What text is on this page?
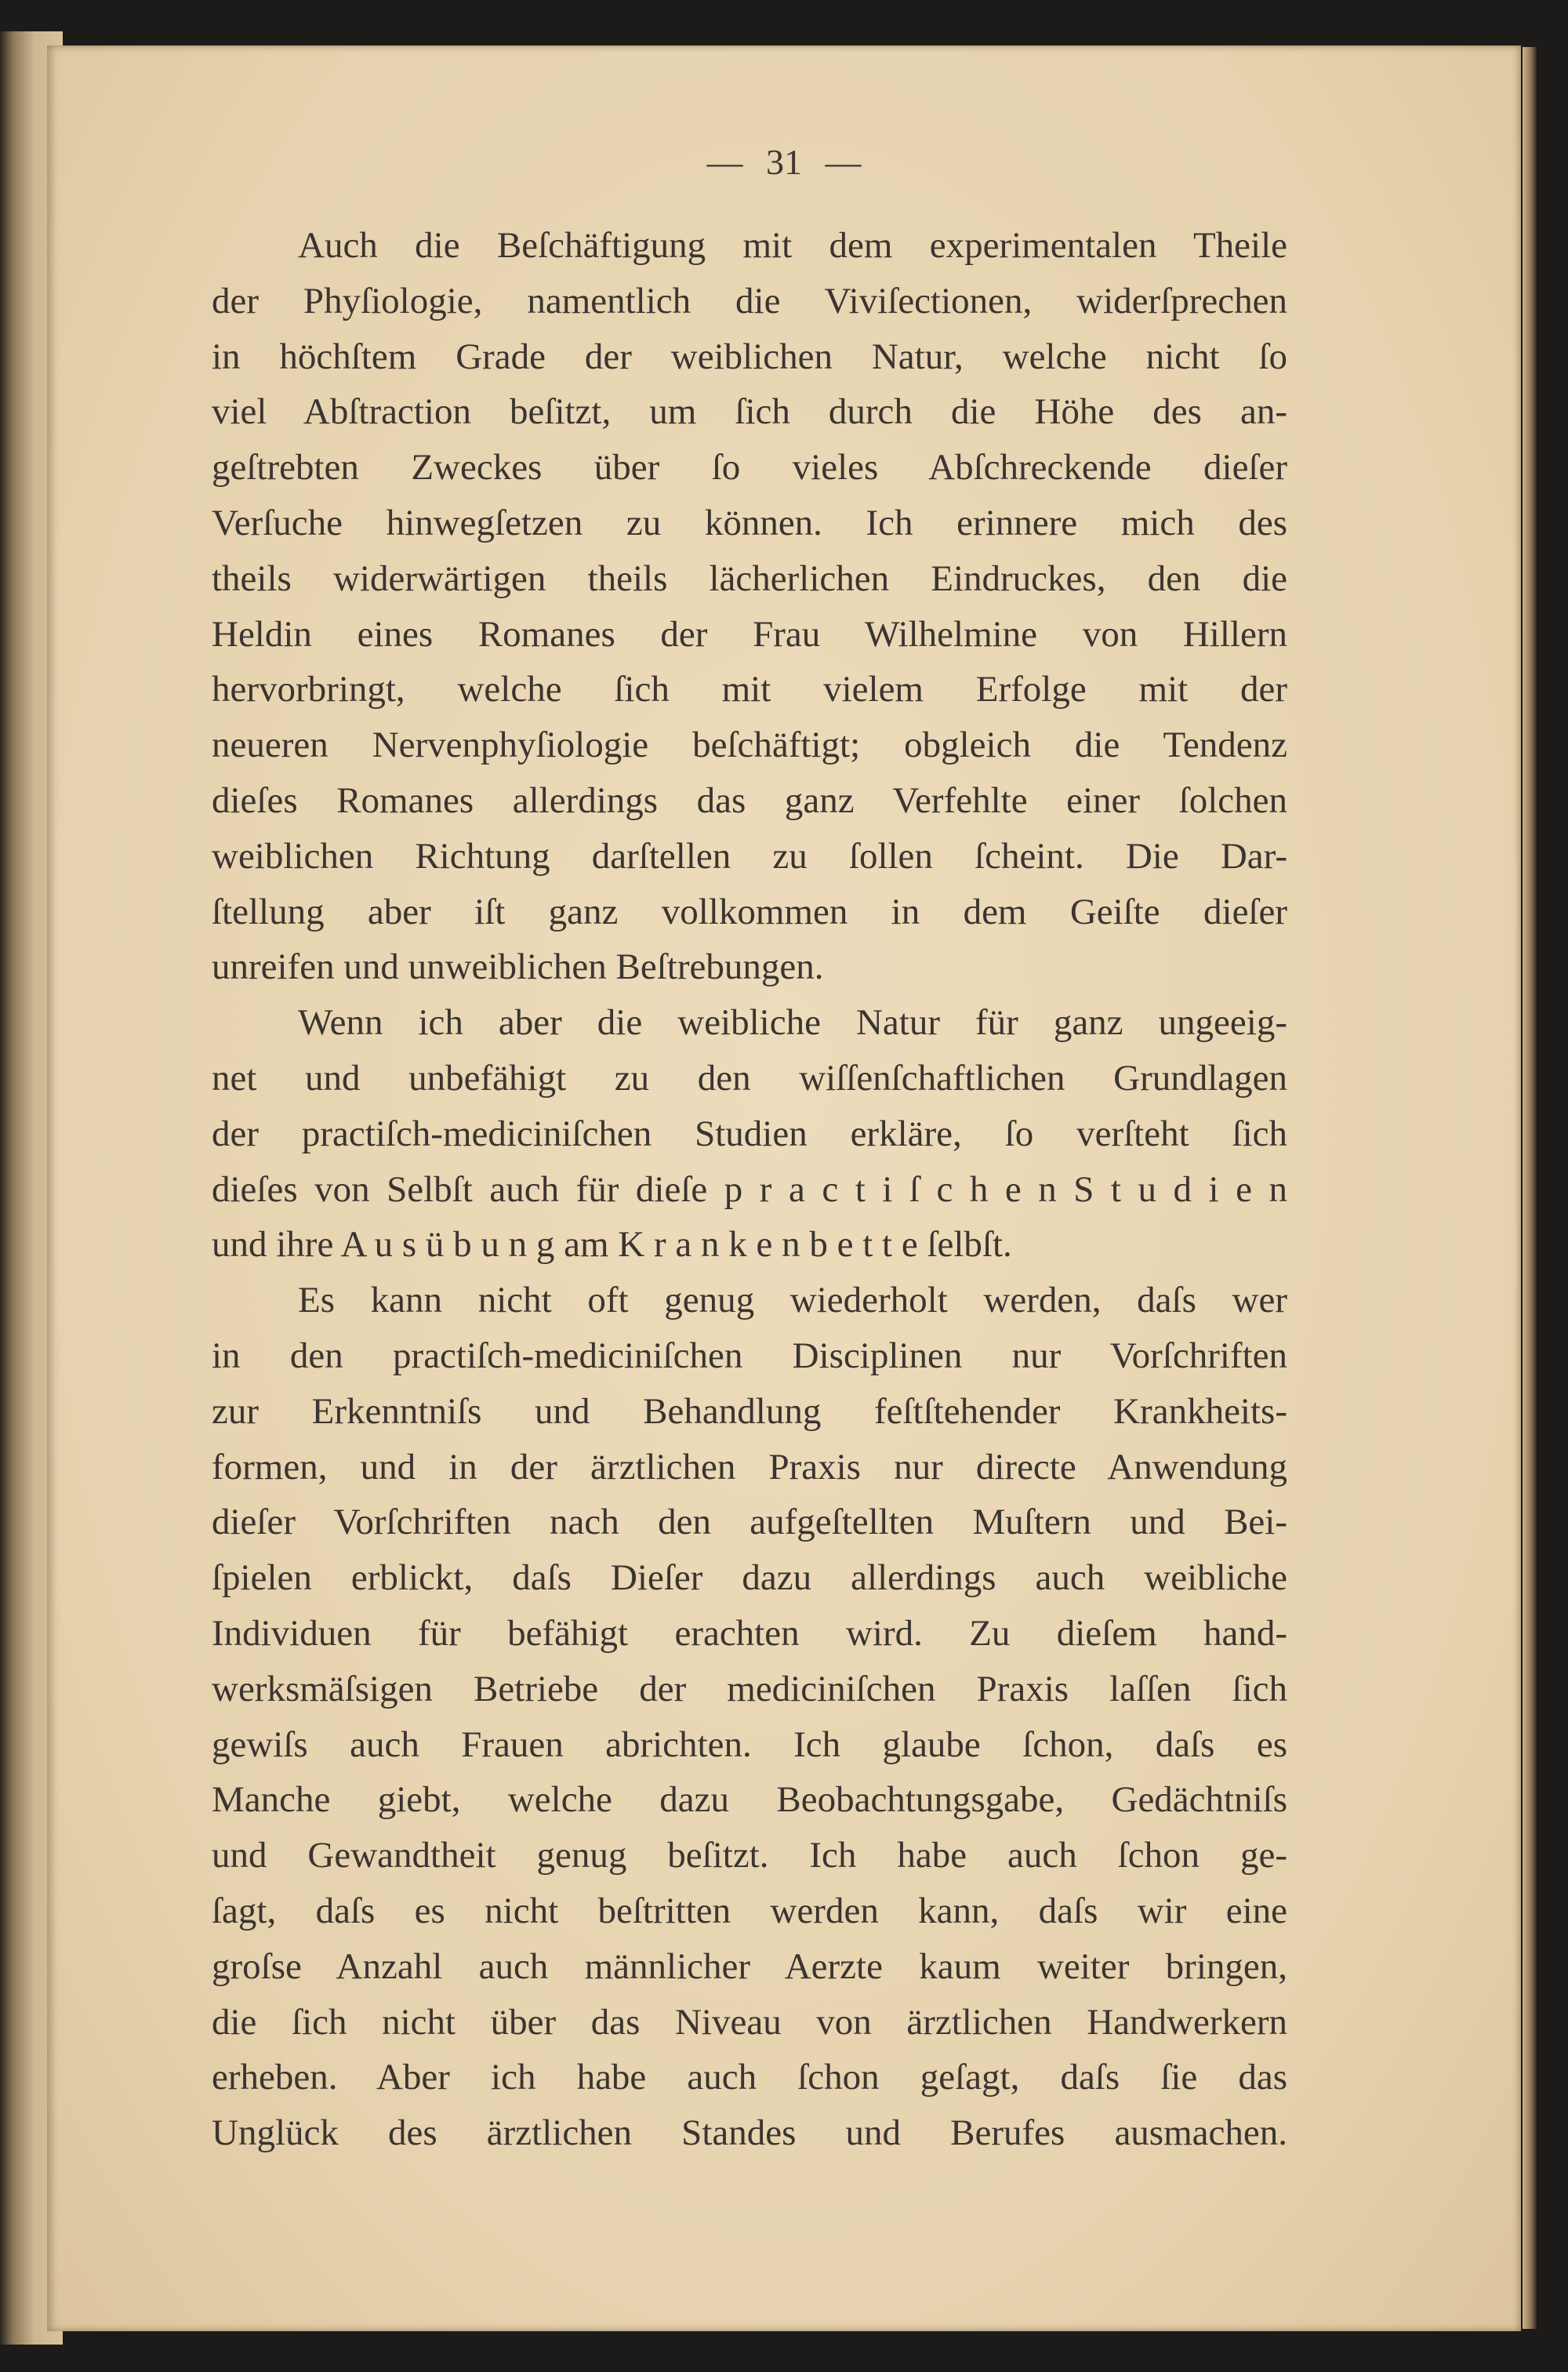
— 31 —
Auch die Beſchäftigung mit dem experimentalen Theile
der Phyſiologie, namentlich die Viviſectionen, widerſprechen
in höchſtem Grade der weiblichen Natur, welche nicht ſo
viel Abſtraction beſitzt, um ſich durch die Höhe des an-
geſtrebten Zweckes über ſo vieles Abſchreckende dieſer
Verſuche hinwegſetzen zu können. Ich erinnere mich des
theils widerwärtigen theils lächerlichen Eindruckes, den die
Heldin eines Romanes der Frau Wilhelmine von Hillern
hervorbringt, welche ſich mit vielem Erfolge mit der
neueren Nervenphyſiologie beſchäftigt; obgleich die Tendenz
dieſes Romanes allerdings das ganz Verfehlte einer ſolchen
weiblichen Richtung darſtellen zu ſollen ſcheint. Die Dar-
ſtellung aber iſt ganz vollkommen in dem Geiſte dieſer
unreifen und unweiblichen Beſtrebungen.
Wenn ich aber die weibliche Natur für ganz ungeeig-
net und unbefähigt zu den wiſſenſchaftlichen Grundlagen
der practiſch-mediciniſchen Studien erkläre, ſo verſteht ſich
dieſes von Selbſt auch für dieſe p r a c t i ſ c h e n S t u d i e n
und ihre A u s ü b u n g am K r a n k e n b e t t e ſelbſt.
Es kann nicht oft genug wiederholt werden, daſs wer
in den practiſch-mediciniſchen Disciplinen nur Vorſchriften
zur Erkenntniſs und Behandlung feſtſtehender Krankheits-
formen, und in der ärztlichen Praxis nur directe Anwendung
dieſer Vorſchriften nach den aufgeſtellten Muſtern und Bei-
ſpielen erblickt, daſs Dieſer dazu allerdings auch weibliche
Individuen für befähigt erachten wird. Zu dieſem hand-
werksmäſsigen Betriebe der mediciniſchen Praxis laſſen ſich
gewiſs auch Frauen abrichten. Ich glaube ſchon, daſs es
Manche giebt, welche dazu Beobachtungsgabe, Gedächtniſs
und Gewandtheit genug beſitzt. Ich habe auch ſchon ge-
ſagt, daſs es nicht beſtritten werden kann, daſs wir eine
groſse Anzahl auch männlicher Aerzte kaum weiter bringen,
die ſich nicht über das Niveau von ärztlichen Handwerkern
erheben. Aber ich habe auch ſchon geſagt, daſs ſie das
Unglück des ärztlichen Standes und Berufes ausmachen.
